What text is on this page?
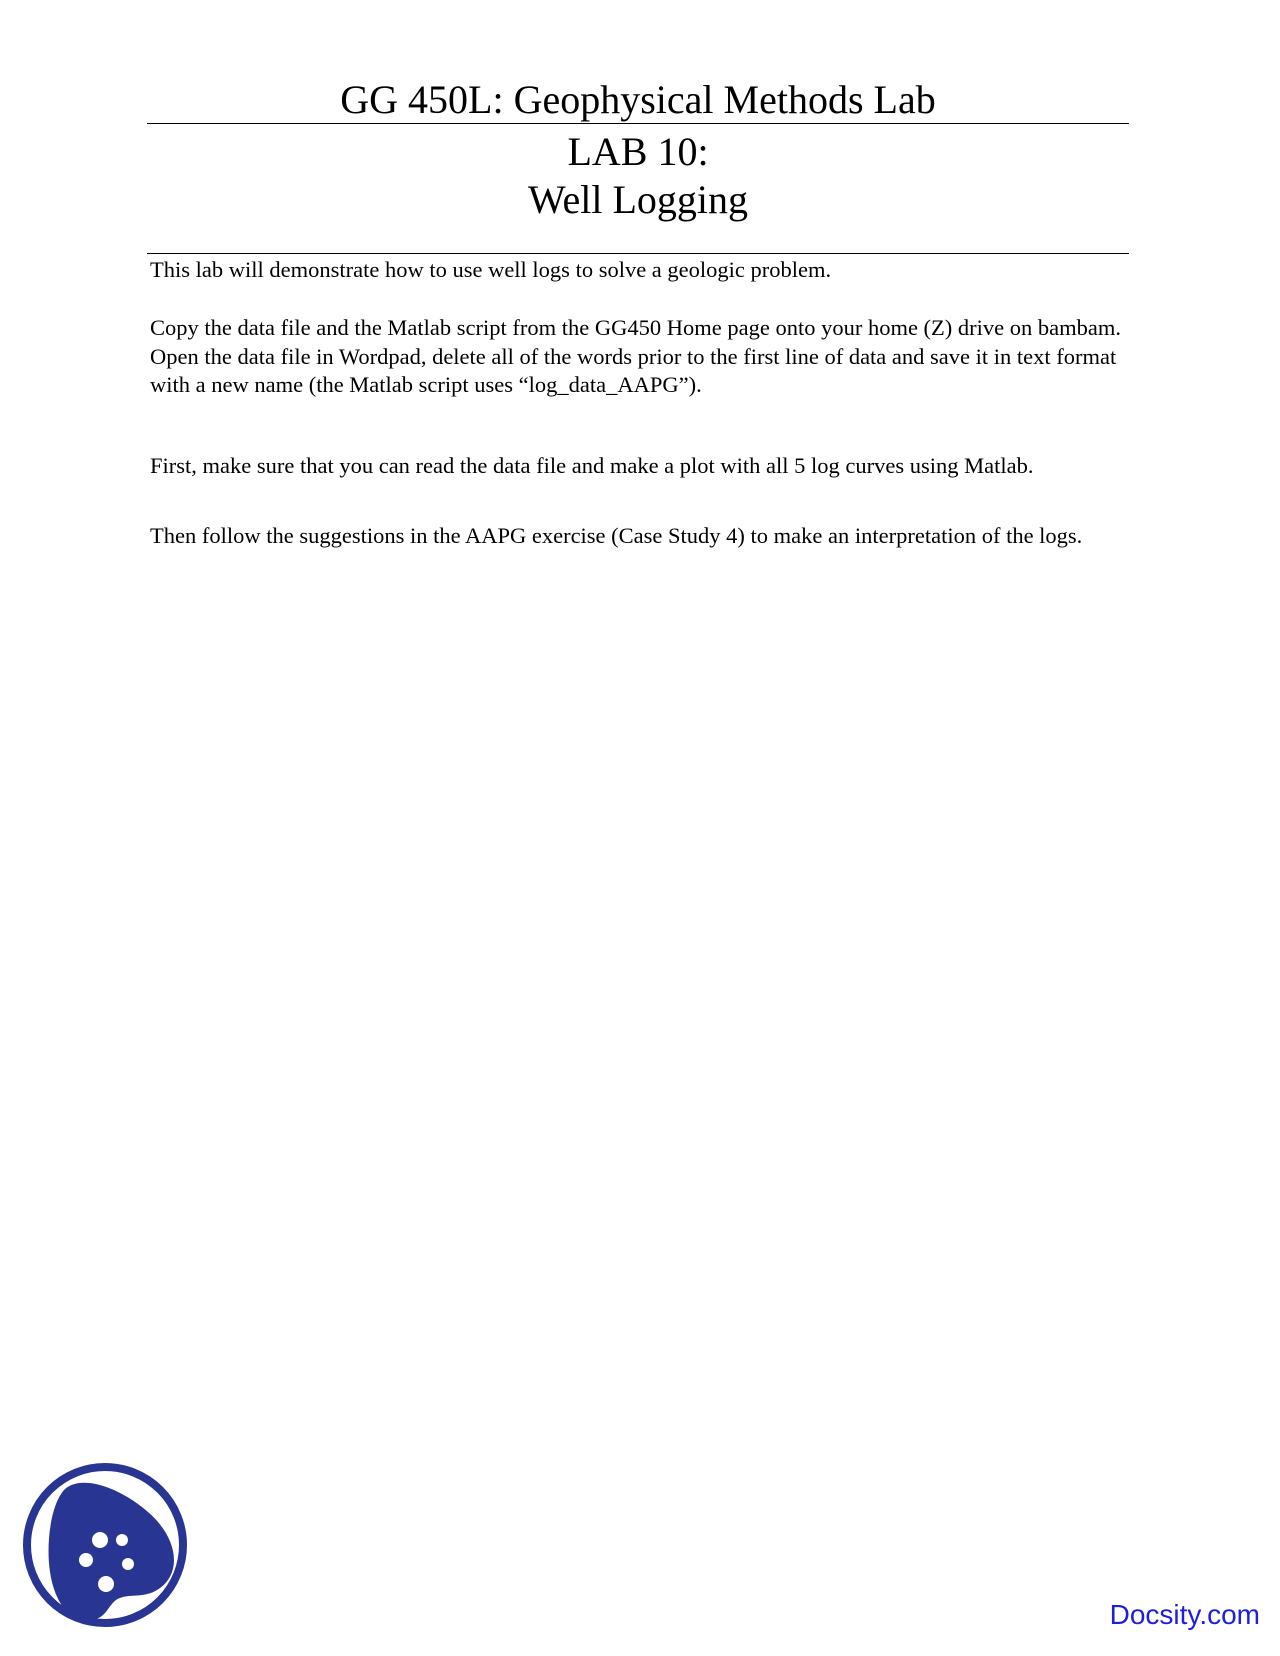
GG 450L: Geophysical Methods Lab
LAB 10:
Well Logging

This lab will demonstrate how to use well logs to solve a geologic problem.

Copy the data file and the Matlab script from the GG450 Home page onto your home (Z) drive on bambam. Open the data file in Wordpad, delete all of the words prior to the first line of data and save it in text format with a new name (the Matlab script uses “log_data_AAPG”).

First, make sure that you can read the data file and make a plot with all 5 log curves using Matlab.

Then follow the suggestions in the AAPG exercise (Case Study 4) to make an interpretation of the logs.

Docsity.com
